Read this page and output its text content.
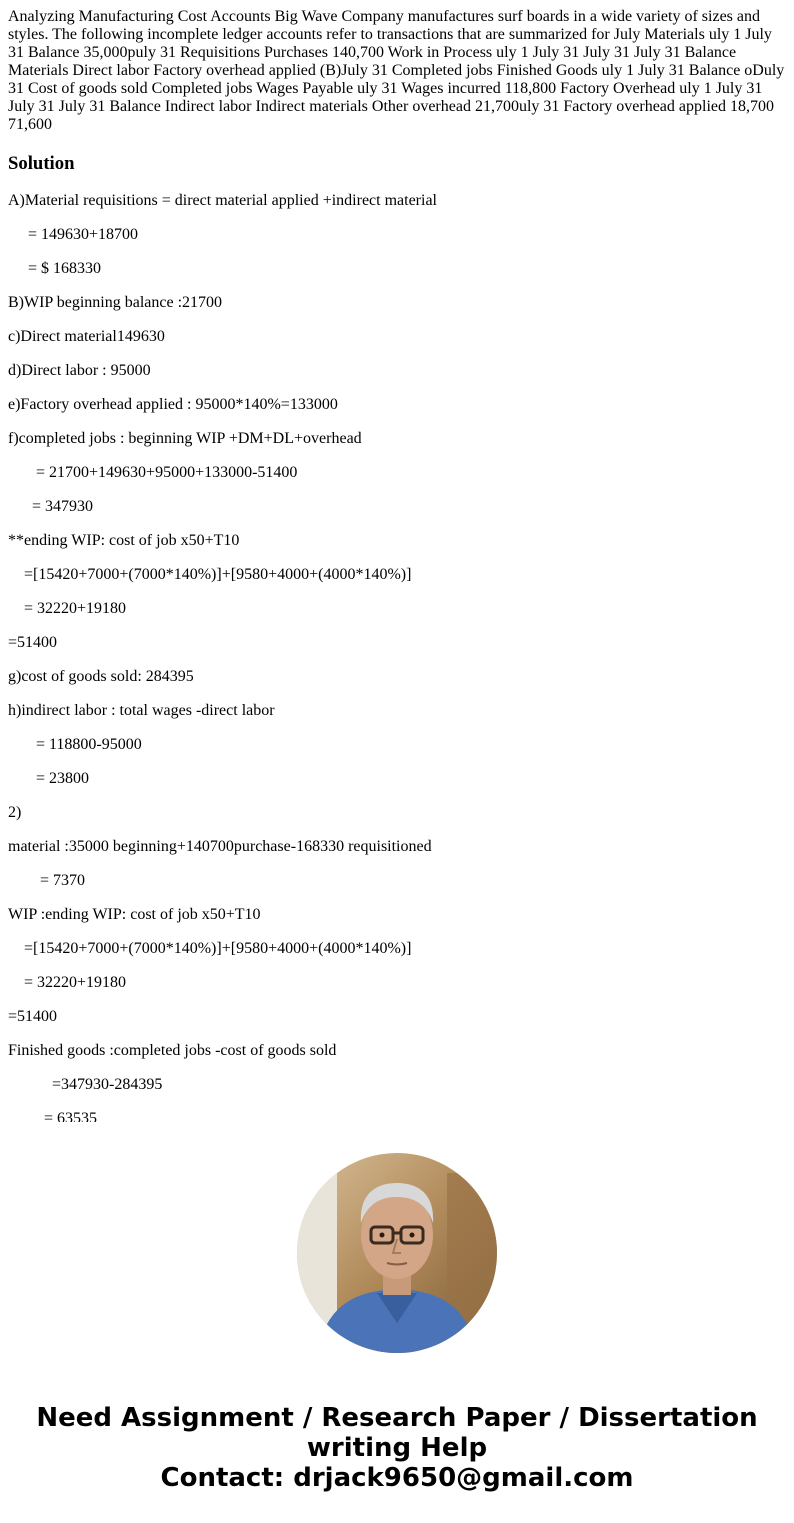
Analyzing Manufacturing Cost Accounts Big Wave Company manufactures surf boards in a wide variety of sizes and styles. The following incomplete ledger accounts refer to transactions that are summarized for July Materials uly 1 July 31 Balance 35,000puly 31 Requisitions Purchases 140,700 Work in Process uly 1 July 31 July 31 July 31 Balance Materials Direct labor Factory overhead applied (B)July 31 Completed jobs Finished Goods uly 1 July 31 Balance oDuly 31 Cost of goods sold Completed jobs Wages Payable uly 31 Wages incurred 118,800 Factory Overhead uly 1 July 31 July 31 July 31 Balance Indirect labor Indirect materials Other overhead 21,700uly 31 Factory overhead applied 18,700 71,600
Solution

A)Material requisitions = direct material applied +indirect material

= 149630+18700

= $ 168330

B)WIP beginning balance :21700

c)Direct material149630

d)Direct labor : 95000

e)Factory overhead applied : 95000*140%=133000

f)completed jobs : beginning WIP +DM+DL+overhead

= 21700+149630+95000+133000-51400

= 347930

**ending WIP: cost of job x50+T10

=[15420+7000+(7000*140%)]+[9580+4000+(4000*140%)]

= 32220+19180

=51400

g)cost of goods sold: 284395

h)indirect labor : total wages -direct labor

= 118800-95000

= 23800

2)

material :35000 beginning+140700purchase-168330 requisitioned

= 7370

WIP :ending WIP: cost of job x50+T10

=[15420+7000+(7000*140%)]+[9580+4000+(4000*140%)]

= 32220+19180

=51400

Finished goods :completed jobs -cost of goods sold

=347930-284395

= 63535

Need Assignment / Research Paper / Dissertation
writing Help
Contact: drjack9650@gmail.com
